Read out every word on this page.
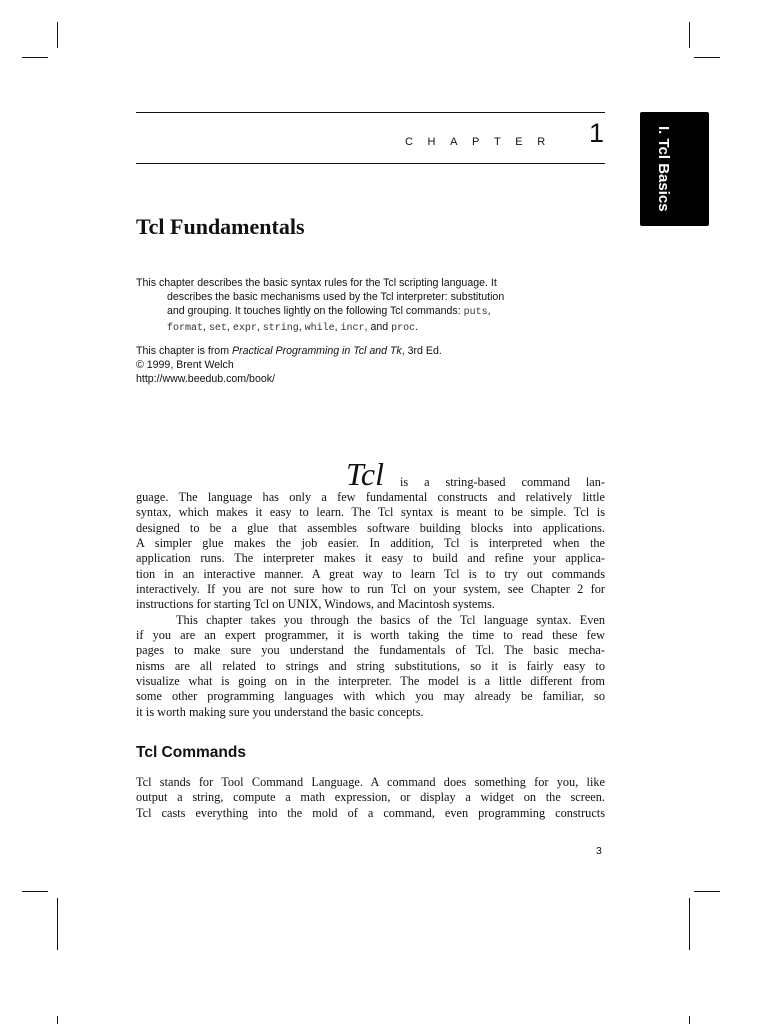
CHAPTER 1	I. Tcl Basics
Tcl Fundamentals
This chapter describes the basic syntax rules for the Tcl scripting language. It
describes the basic mechanisms used by the Tcl interpreter: substitution
and grouping. It touches lightly on the following Tcl commands: puts,
format, set, expr, string, while, incr, and proc.
This chapter is from Practical Programming in Tcl and Tk, 3rd Ed.
© 1999, Brent Welch
http://www.beedub.com/book/
Tcl is a string-based command lan-
guage. The language has only a few fundamental constructs and relatively little
syntax, which makes it easy to learn. The Tcl syntax is meant to be simple. Tcl is
designed to be a glue that assembles software building blocks into applications.
A simpler glue makes the job easier. In addition, Tcl is interpreted when the
application runs. The interpreter makes it easy to build and refine your applica-
tion in an interactive manner. A great way to learn Tcl is to try out commands
interactively. If you are not sure how to run Tcl on your system, see Chapter 2 for
instructions for starting Tcl on UNIX, Windows, and Macintosh systems.
This chapter takes you through the basics of the Tcl language syntax. Even
if you are an expert programmer, it is worth taking the time to read these few
pages to make sure you understand the fundamentals of Tcl. The basic mecha-
nisms are all related to strings and string substitutions, so it is fairly easy to
visualize what is going on in the interpreter. The model is a little different from
some other programming languages with which you may already be familiar, so
it is worth making sure you understand the basic concepts.
Tcl Commands
Tcl stands for Tool Command Language. A command does something for you, like
output a string, compute a math expression, or display a widget on the screen.
Tcl casts everything into the mold of a command, even programming constructs
3
